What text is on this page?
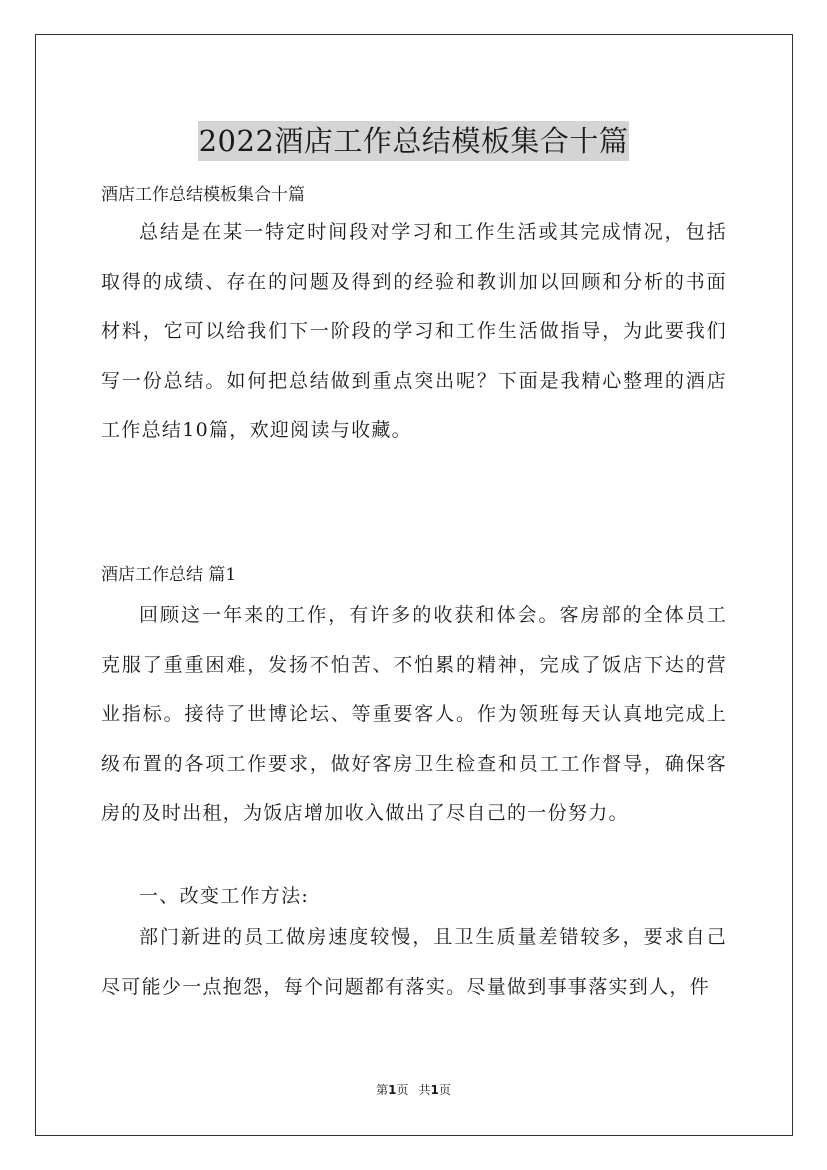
2022酒店工作总结模板集合十篇

酒店工作总结模板集合十篇

总结是在某一特定时间段对学习和工作生活或其完成情况，包括取得的成绩、存在的问题及得到的经验和教训加以回顾和分析的书面材料，它可以给我们下一阶段的学习和工作生活做指导，为此要我们写一份总结。如何把总结做到重点突出呢？下面是我精心整理的酒店工作总结10篇，欢迎阅读与收藏。

酒店工作总结 篇1

回顾这一年来的工作，有许多的收获和体会。客房部的全体员工克服了重重困难，发扬不怕苦、不怕累的精神，完成了饭店下达的营业指标。接待了世博论坛、等重要客人。作为领班每天认真地完成上级布置的各项工作要求，做好客房卫生检查和员工工作督导，确保客房的及时出租，为饭店增加收入做出了尽自己的一份努力。

一、改变工作方法:

部门新进的员工做房速度较慢，且卫生质量差错较多，要求自己尽可能少一点抱怨，每个问题都有落实。尽量做到事事落实到人，件

第1页 共1页
